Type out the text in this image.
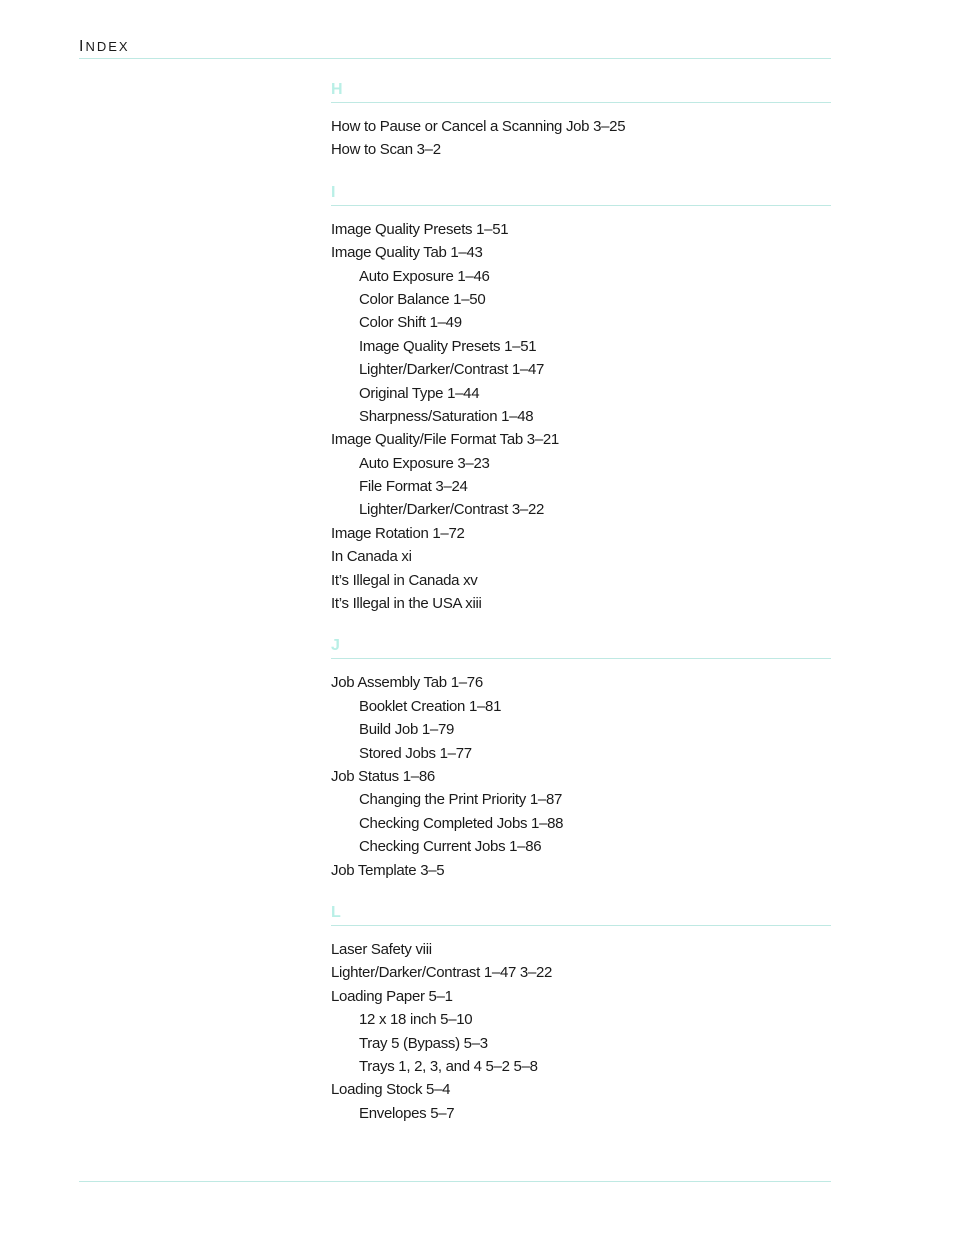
INDEX
H
How to Pause or Cancel a Scanning Job 3–25
How to Scan 3–2
I
Image Quality Presets 1–51
Image Quality Tab 1–43
Auto Exposure 1–46
Color Balance 1–50
Color Shift 1–49
Image Quality Presets 1–51
Lighter/Darker/Contrast 1–47
Original Type 1–44
Sharpness/Saturation 1–48
Image Quality/File Format Tab 3–21
Auto Exposure 3–23
File Format 3–24
Lighter/Darker/Contrast 3–22
Image Rotation 1–72
In Canada xi
It’s Illegal in Canada xv
It’s Illegal in the USA xiii
J
Job Assembly Tab 1–76
Booklet Creation 1–81
Build Job 1–79
Stored Jobs 1–77
Job Status 1–86
Changing the Print Priority 1–87
Checking Completed Jobs 1–88
Checking Current Jobs 1–86
Job Template 3–5
L
Laser Safety viii
Lighter/Darker/Contrast 1–47 3–22
Loading Paper 5–1
12 x 18 inch 5–10
Tray 5 (Bypass) 5–3
Trays 1, 2, 3, and 4 5–2 5–8
Loading Stock 5–4
Envelopes 5–7
